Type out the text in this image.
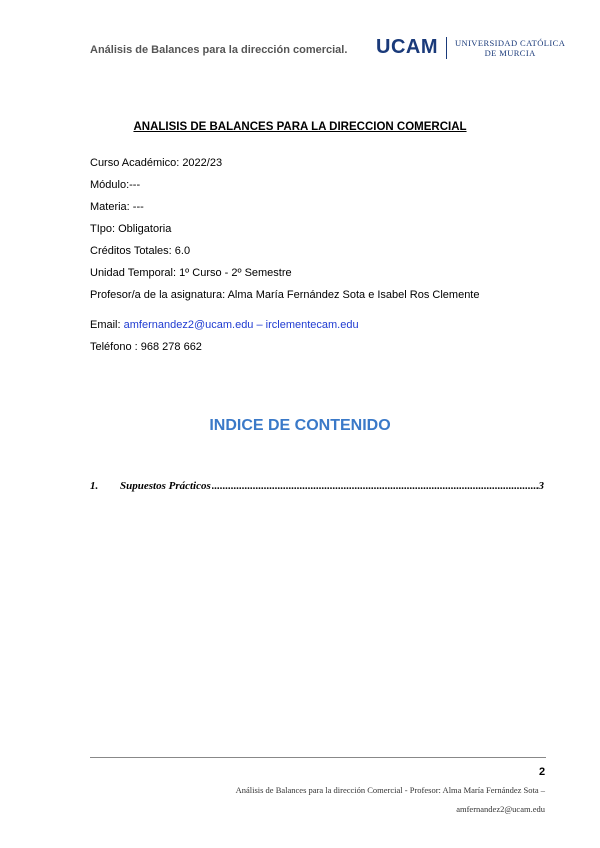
Análisis de Balances para la dirección comercial. UCAM UNIVERSIDAD CATÓLICA
DE MURCIA
ANALISIS DE BALANCES PARA LA DIRECCION COMERCIAL
Curso Académico: 2022/23
Módulo:---
Materia: ---
TIpo: Obligatoria
Créditos Totales: 6.0
Unidad Temporal: 1º Curso - 2º Semestre
Profesor/a de la asignatura: Alma María Fernández Sota e Isabel Ros Clemente
Email: amfernandez2@ucam.edu – irclementecam.edu
Teléfono : 968 278 662
INDICE DE CONTENIDO
1.	Supuestos Prácticos
.....	3
2
Análisis de Balances para la dirección Comercial - Profesor: Alma María Fernández Sota –
amfernandez2@ucam.edu
